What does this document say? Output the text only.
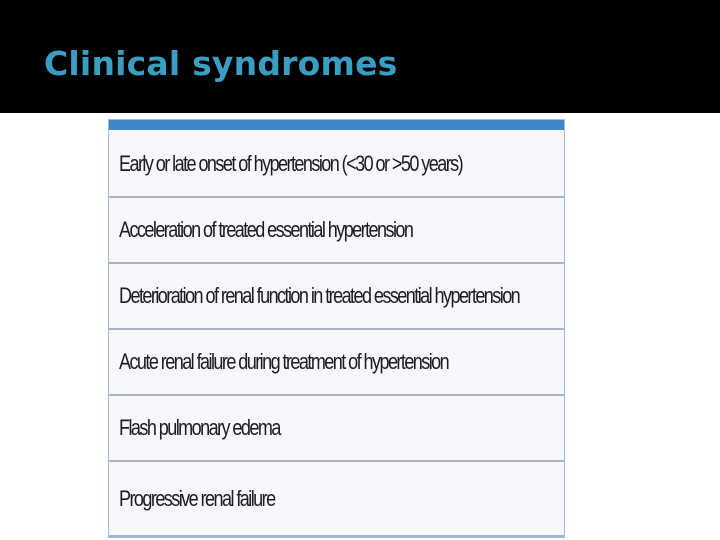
Clinical syndromes
Early or late onset of hypertension (<30 or >50 years)
Acceleration of treated essential hypertension
Deterioration of renal function in treated essential hypertension
Acute renal failure during treatment of hypertension
Flash pulmonary edema
Progressive renal failure
